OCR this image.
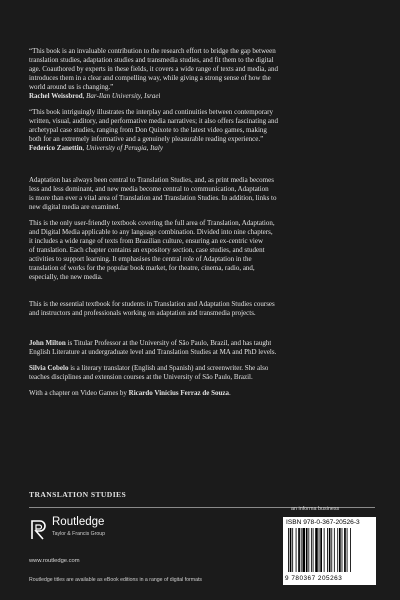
“This book is an invaluable contribution to the research effort to bridge the gap between
translation studies, adaptation studies and transmedia studies, and fit them to the digital
age. Coauthored by experts in these fields, it covers a wide range of texts and media, and
introduces them in a clear and compelling way, while giving a strong sense of how the
world around us is changing.”
Rachel Weissbrod, Bar-Ilan University, Israel
“This book intriguingly illustrates the interplay and continuities between contemporary
written, visual, auditory, and performative media narratives; it also offers fascinating and
archetypal case studies, ranging from Don Quixote to the latest video games, making
both for an extremely informative and a genuinely pleasurable reading experience.”
Federico Zanettin, University of Perugia, Italy
Adaptation has always been central to Translation Studies, and, as print media becomes
less and less dominant, and new media become central to communication, Adaptation
is more than ever a vital area of Translation and Translation Studies. In addition, links to
new digital media are examined.
This is the only user-friendly textbook covering the full area of Translation, Adaptation,
and Digital Media applicable to any language combination. Divided into nine chapters,
it includes a wide range of texts from Brazilian culture, ensuring an ex-centric view
of translation. Each chapter contains an expository section, case studies, and student
activities to support learning. It emphasises the central role of Adaptation in the
translation of works for the popular book market, for theatre, cinema, radio, and,
especially, the new media.
This is the essential textbook for students in Translation and Adaptation Studies courses
and instructors and professionals working on adaptation and transmedia projects.
John Milton is Titular Professor at the University of São Paulo, Brazil, and has taught
English Literature at undergraduate level and Translation Studies at MA and PhD levels.
Silvia Cobelo is a literary translator (English and Spanish) and screenwriter. She also
teaches disciplines and extension courses at the University of São Paulo, Brazil.
With a chapter on Video Games by Ricardo Vinícius Ferraz de Souza.
TRANSLATION STUDIES
an informa business
Routledge
Taylor & Francis Group
www.routledge.com
Routledge titles are available as eBook editions in a range of digital formats
ISBN 978-0-367-20526-3
9 780367 205263
